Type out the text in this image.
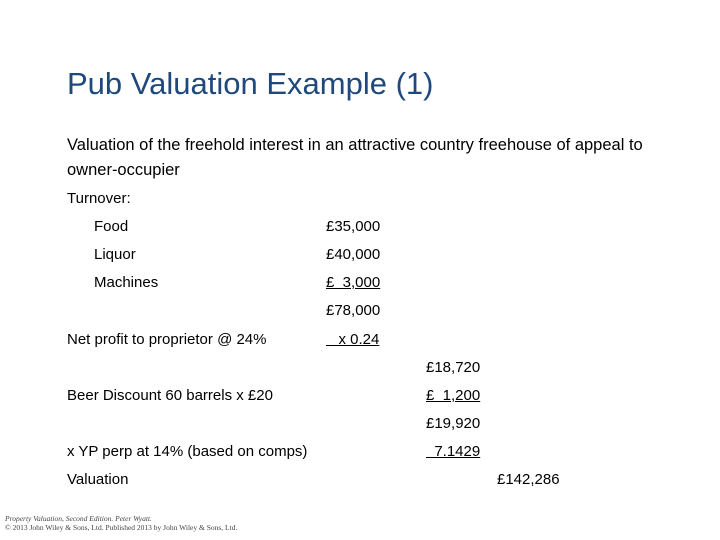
Pub Valuation Example (1)
Valuation of the freehold interest in an attractive country freehouse of appeal to owner-occupier
Turnover:
Food	£35,000
Liquor	£40,000
Machines	£  3,000
£78,000
Net profit to proprietor @ 24%	x 0.24
£18,720
Beer Discount 60 barrels x £20	£  1,200
£19,920
x YP perp at 14% (based on comps)	7.1429
Valuation	£142,286
Property Valuation, Second Edition. Peter Wyatt.
© 2013 John Wiley & Sons, Ltd. Published 2013 by John Wiley & Sons, Ltd.
